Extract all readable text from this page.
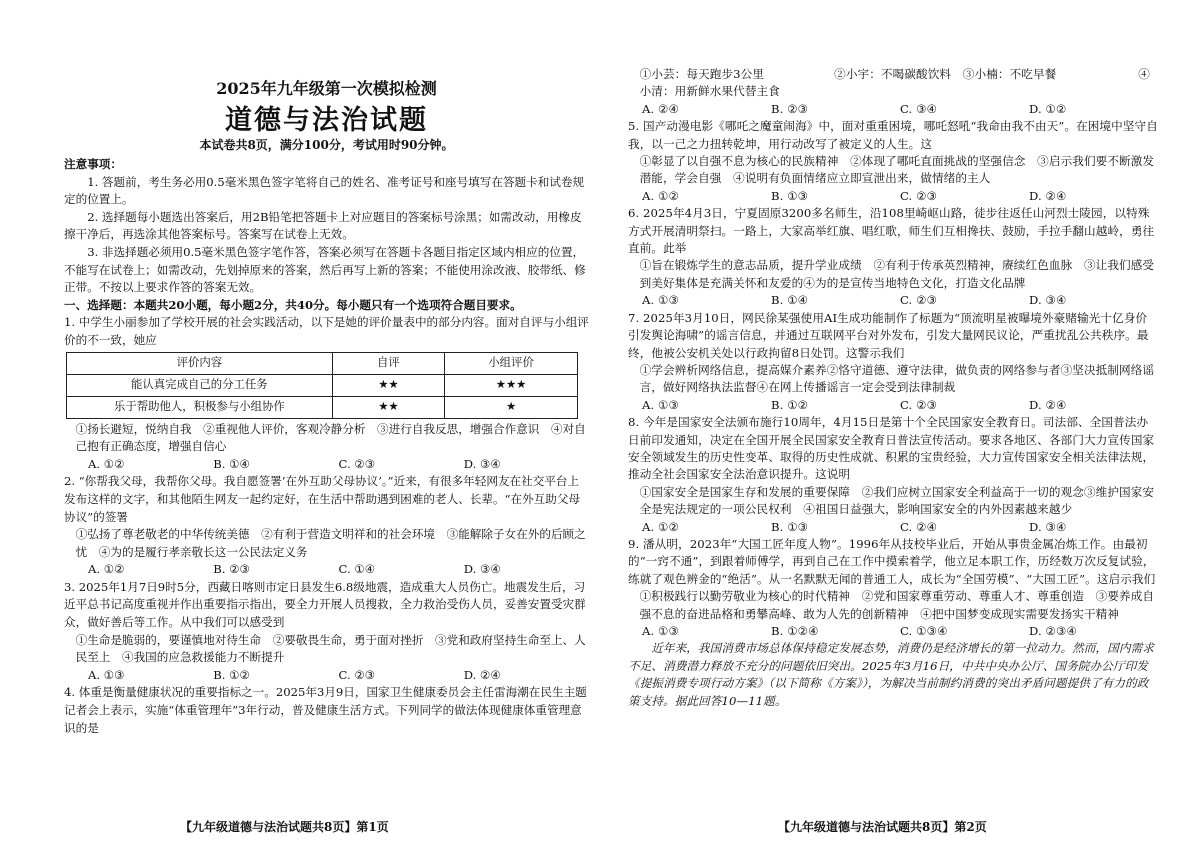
2025年九年级第一次模拟检测
道德与法治试题
本试卷共8页，满分100分，考试用时90分钟。

注意事项：

1. 答题前，考生务必用0.5毫米黑色签字笔将自己的姓名、准考证号和座号填写在答题卡和试卷规定的位置上。

2. 选择题每小题选出答案后，用2B铅笔把答题卡上对应题目的答案标号涂黑；如需改动，用橡皮擦干净后，再选涂其他答案标号。答案写在试卷上无效。

3. 非选择题必须用0.5毫米黑色签字笔作答，答案必须写在答题卡各题目指定区域内相应的位置，不能写在试卷上；如需改动，先划掉原来的答案，然后再写上新的答案；不能使用涂改液、胶带纸、修正带。不按以上要求作答的答案无效。

一、选择题：本题共20小题，每小题2分，共40分。每小题只有一个选项符合题目要求。

1. 中学生小丽参加了学校开展的社会实践活动，以下是她的评价量表中的部分内容。面对自评与小组评价的不一致，她应

评价内容	自评	小组评价
能认真完成自己的分工任务	★★	★★★
乐于帮助他人，积极参与小组协作	★★	★

①扬长避短，悦纳自我　②重视他人评价，客观冷静分析　③进行自我反思，增强合作意识　④对自己抱有正确态度，增强自信心

A. ①②	B. ①④	C. ②③	D. ③④

2. “你帮我父母，我帮你父母。我自愿签署‘在外互助父母协议’。”近来，有很多年轻网友在社交平台上发布这样的文字，和其他陌生网友一起约定好，在生活中帮助遇到困难的老人、长辈。“在外互助父母协议”的签署

①弘扬了尊老敬老的中华传统美德　②有利于营造文明祥和的社会环境　③能解除子女在外的后顾之忧　④为的是履行孝亲敬长这一公民法定义务

A. ①②	B. ②③	C. ①④	D. ③④

3. 2025年1月7日9时5分，西藏日喀则市定日县发生6.8级地震，造成重大人员伤亡。地震发生后，习近平总书记高度重视并作出重要指示指出，要全力开展人员搜救，全力救治受伤人员，妥善安置受灾群众，做好善后等工作。从中我们可以感受到

①生命是脆弱的，要谨慎地对待生命　②要敬畏生命，勇于面对挫折　③党和政府坚持生命至上、人民至上　④我国的应急救援能力不断提升

A. ①③	B. ①②	C. ②③	D. ②④

4. 体重是衡量健康状况的重要指标之一。2025年3月9日，国家卫生健康委员会主任雷海潮在民生主题记者会上表示，实施“体重管理年”3年行动，普及健康生活方式。下列同学的做法体现健康体重管理意识的是

①小芸：每天跑步3公里　　　　　　②小宇：不喝碳酸饮料　③小楠：不吃早餐　　　　　　　④小清：用新鲜水果代替主食

A. ②④	B. ②③	C. ③④	D. ①②

5. 国产动漫电影《哪吒之魔童闹海》中，面对重重困境，哪吒怒吼“我命由我不由天”。在困境中坚守自我，以一己之力扭转乾坤，用行动改写了被定义的人生。这

①彰显了以自强不息为核心的民族精神　②体现了哪吒直面挑战的坚强信念　③启示我们要不断激发潜能，学会自强　④说明有负面情绪应立即宣泄出来，做情绪的主人

A. ①②	B. ①③	C. ②③	D. ②④

6. 2025年4月3日，宁夏固原3200多名师生，沿108里崎岖山路，徒步往返任山河烈士陵园，以特殊方式开展清明祭扫。一路上，大家高举红旗、唱红歌，师生们互相搀扶、鼓励，手拉手翻山越岭，勇往直前。此举

①旨在锻炼学生的意志品质，提升学业成绩　②有利于传承英烈精神，赓续红色血脉　③让我们感受到美好集体是充满关怀和友爱的④为的是宣传当地特色文化，打造文化品牌

A. ①③	B. ①④	C. ②③	D. ③④

7. 2025年3月10日，网民徐某强使用AI生成功能制作了标题为“顶流明星被曝境外豪赌输光十亿身价引发舆论海啸”的谣言信息，并通过互联网平台对外发布，引发大量网民议论，严重扰乱公共秩序。最终，他被公安机关处以行政拘留8日处罚。这警示我们

①学会辨析网络信息，提高媒介素养②恪守道德、遵守法律，做负责的网络参与者③坚决抵制网络谣言，做好网络执法监督④在网上传播谣言一定会受到法律制裁

A. ①③	B. ①②	C. ②③	D. ②④

8. 今年是国家安全法颁布施行10周年，4月15日是第十个全民国家安全教育日。司法部、全国普法办日前印发通知，决定在全国开展全民国家安全教育日普法宣传活动。要求各地区、各部门大力宣传国家安全领域发生的历史性变革、取得的历史性成就、积累的宝贵经验，大力宣传国家安全相关法律法规，推动全社会国家安全法治意识提升。这说明

①国家安全是国家生存和发展的重要保障　②我们应树立国家安全利益高于一切的观念③维护国家安全是宪法规定的一项公民权利　④祖国日益强大，影响国家安全的内外因素越来越少

A. ①②	B. ①③	C. ②④	D. ③④

9. 潘从明，2023年“大国工匠年度人物”。1996年从技校毕业后，开始从事贵金属冶炼工作。由最初的“一窍不通”，到跟着师傅学，再到自己在工作中摸索着学，他立足本职工作，历经数万次反复试验，练就了观色辨金的“绝活”。从一名默默无闻的普通工人，成长为“全国劳模”、“大国工匠”。这启示我们

①积极践行以勤劳敬业为核心的时代精神　②党和国家尊重劳动、尊重人才、尊重创造　③要养成自强不息的奋进品格和勇攀高峰、敢为人先的创新精神　④把中国梦变成现实需要发扬实干精神

A. ①③	B. ①②④	C. ①③④	D. ②③④

近年来，我国消费市场总体保持稳定发展态势，消费仍是经济增长的第一拉动力。然而，国内需求不足、消费潜力释放不充分的问题依旧突出。2025年3月16日，中共中央办公厅、国务院办公厅印发《提振消费专项行动方案》（以下简称《方案》），为解决当前制约消费的突出矛盾问题提供了有力的政策支持。据此回答10—11题。

【九年级道德与法治试题共8页】第1页	【九年级道德与法治试题共8页】第2页
